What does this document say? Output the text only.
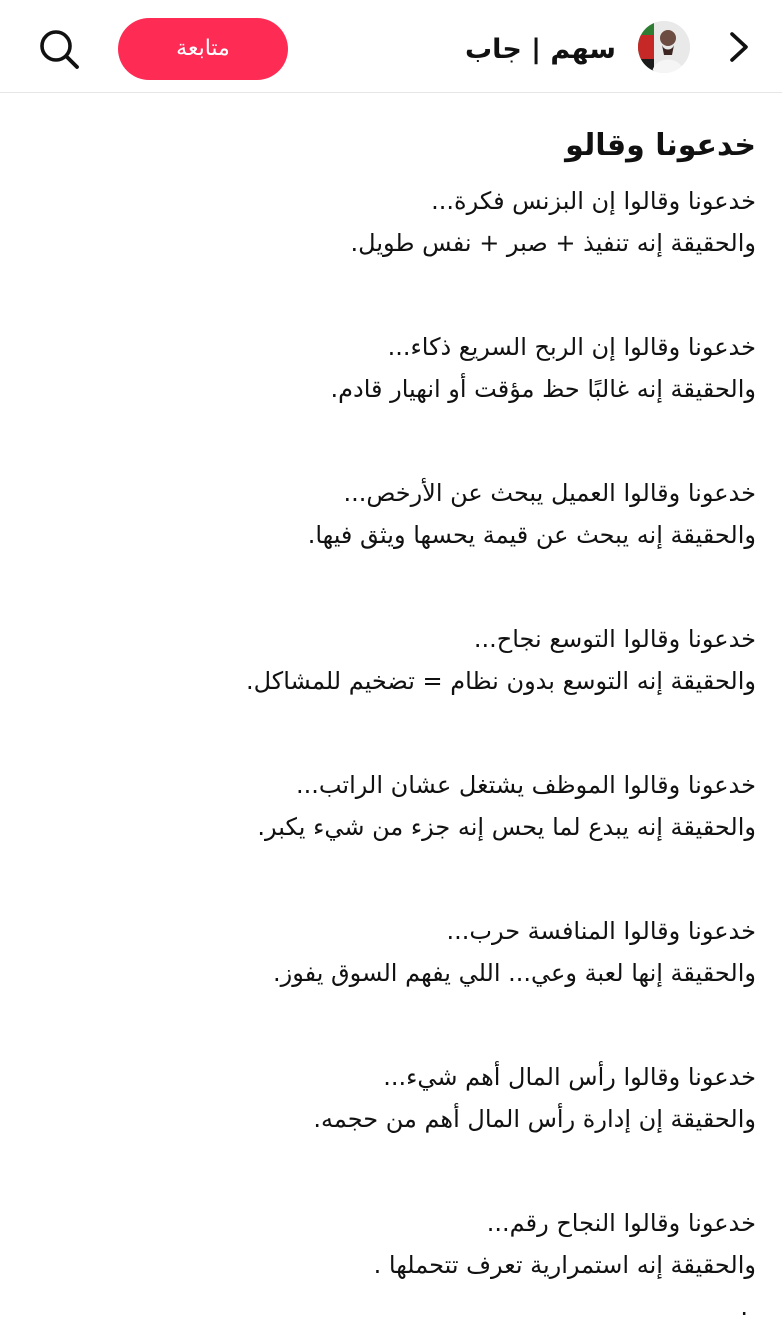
سهم | جاب
متابعة
خدعونا وقالو
خدعونا وقالوا إن البزنس فكرة...
والحقيقة إنه تنفيذ + صبر + نفس طويل.
خدعونا وقالوا إن الربح السريع ذكاء...
والحقيقة إنه غالبًا حظ مؤقت أو انهيار قادم.
خدعونا وقالوا العميل يبحث عن الأرخص...
والحقيقة إنه يبحث عن قيمة يحسها ويثق فيها.
خدعونا وقالوا التوسع نجاح...
والحقيقة إنه التوسع بدون نظام = تضخيم للمشاكل.
خدعونا وقالوا الموظف يشتغل عشان الراتب...
والحقيقة إنه يبدع لما يحس إنه جزء من شيء يكبر.
خدعونا وقالوا المنافسة حرب...
والحقيقة إنها لعبة وعي... اللي يفهم السوق يفوز.
خدعونا وقالوا رأس المال أهم شيء...
والحقيقة إن إدارة رأس المال أهم من حجمه.
خدعونا وقالوا النجاح رقم...
والحقيقة إنه استمرارية تعرف تتحملها .
.
